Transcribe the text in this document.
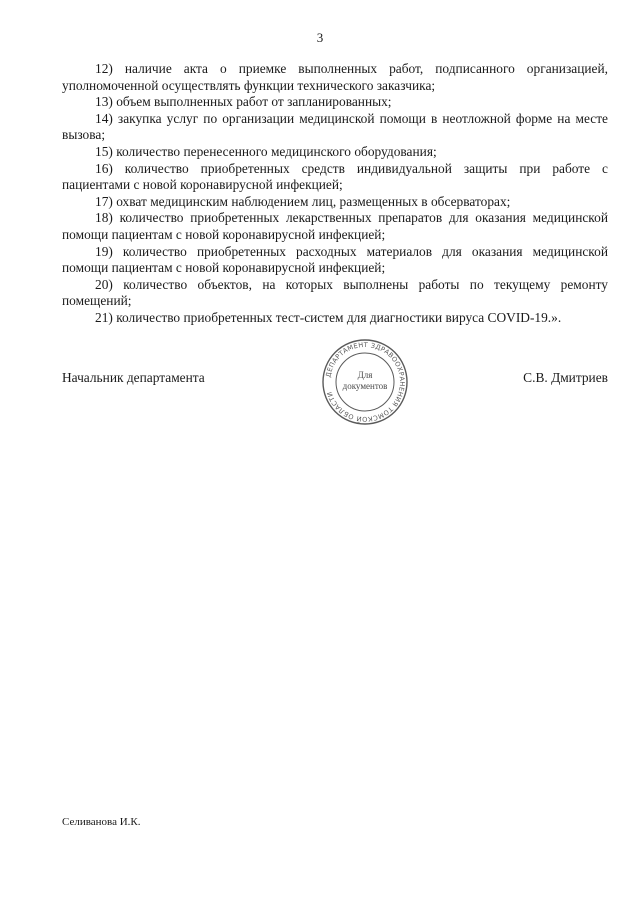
3

12) наличие акта о приемке выполненных работ, подписанного организацией, уполномоченной осуществлять функции технического заказчика;

13) объем выполненных работ от запланированных;

14) закупка услуг по организации медицинской помощи в неотложной форме на месте вызова;

15) количество перенесенного медицинского оборудования;

16) количество приобретенных средств индивидуальной защиты при работе с пациентами с новой коронавирусной инфекцией;

17) охват медицинским наблюдением лиц, размещенных в обсерваторах;

18) количество приобретенных лекарственных препаратов для оказания медицинской помощи пациентам с новой коронавирусной инфекцией;

19) количество приобретенных расходных материалов для оказания медицинской помощи пациентам с новой коронавирусной инфекцией;

20) количество объектов, на которых выполнены работы по текущему ремонту помещений;

21) количество приобретенных тест-систем для диагностики вируса COVID-19.».

Начальник департамента	С.В. Дмитриев
ДЕПАРТАМЕНТ ЗДРАВООХРАНЕНИЯ ТОМСКОЙ ОБЛАСТИ
Для
документов
Селиванова И.К.
